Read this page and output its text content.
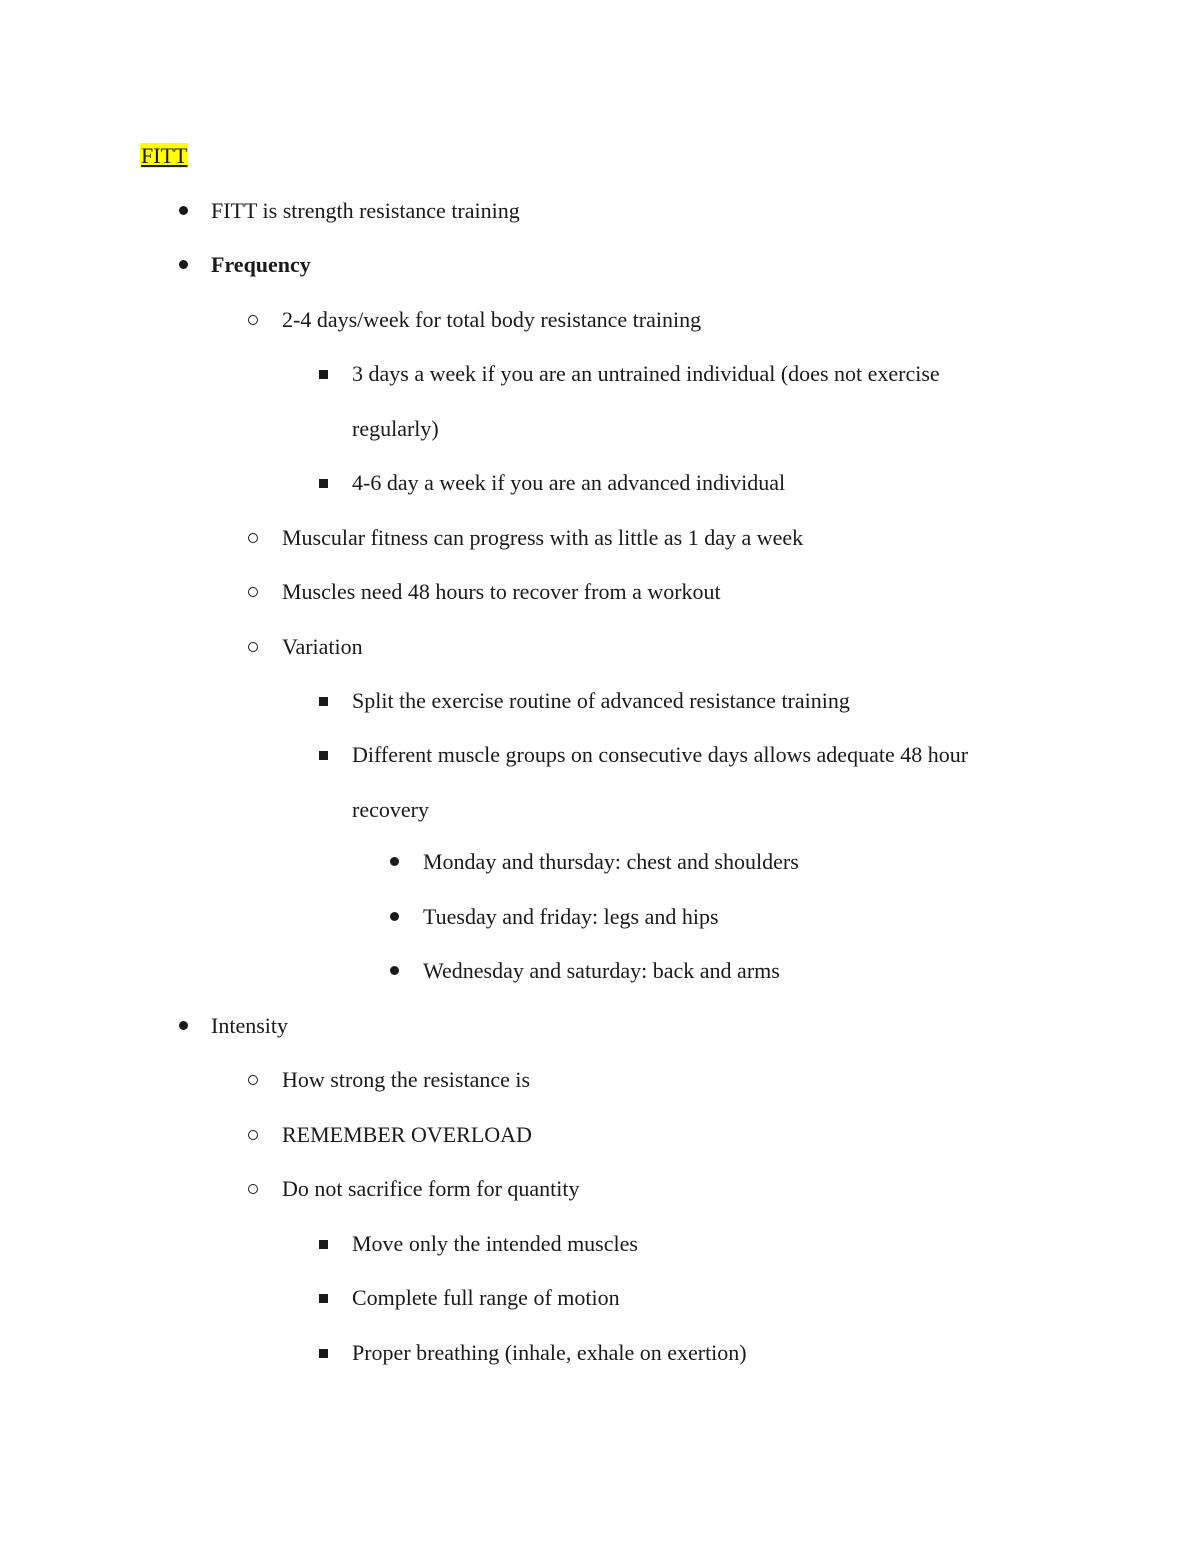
FITT
FITT is strength resistance training
Frequency
2-4 days/week for total body resistance training
3 days a week if you are an untrained individual (does not exercise
regularly)
4-6 day a week if you are an advanced individual
Muscular fitness can progress with as little as 1 day a week
Muscles need 48 hours to recover from a workout
Variation
Split the exercise routine of advanced resistance training
Different muscle groups on consecutive days allows adequate 48 hour
recovery
Monday and thursday: chest and shoulders
Tuesday and friday: legs and hips
Wednesday and saturday: back and arms
Intensity
How strong the resistance is
REMEMBER OVERLOAD
Do not sacrifice form for quantity
Move only the intended muscles
Complete full range of motion
Proper breathing (inhale, exhale on exertion)
